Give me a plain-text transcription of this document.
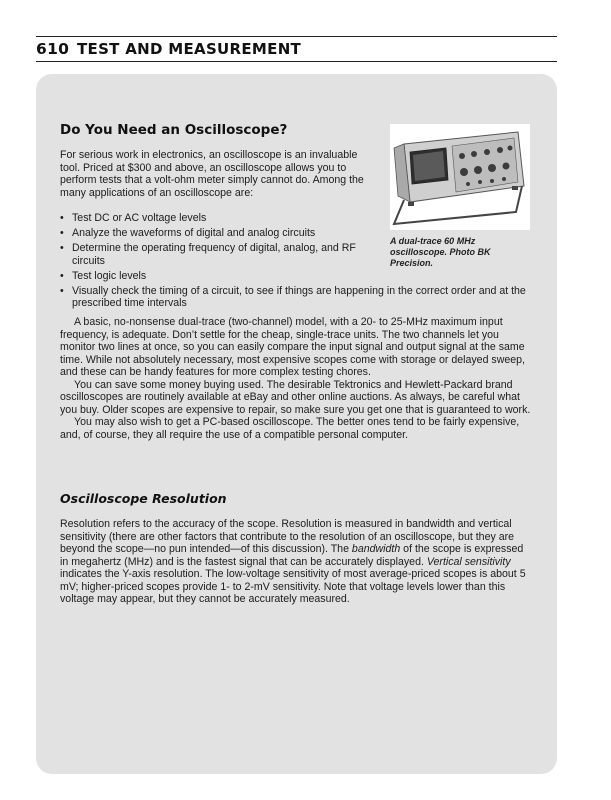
610 TEST AND MEASUREMENT
Do You Need an Oscilloscope?

For serious work in electronics, an oscilloscope is an invaluable tool. Priced at $300 and above, an oscilloscope allows you to perform tests that a volt-ohm meter simply cannot do. Among the many applications of an oscilloscope are:

• Test DC or AC voltage levels
• Analyze the waveforms of digital and analog circuits
• Determine the operating frequency of digital, analog, and RF circuits
• Test logic levels
• Visually check the timing of a circuit, to see if things are happening in the correct order and at the prescribed time intervals
A dual-trace 60 MHz oscilloscope. Photo BK Precision.

A basic, no-nonsense dual-trace (two-channel) model, with a 20- to 25-MHz maximum input frequency, is adequate. Don’t settle for the cheap, single-trace units. The two channels let you monitor two lines at once, so you can easily compare the input signal and output signal at the same time. While not absolutely necessary, most expensive scopes come with storage or delayed sweep, and these can be handy features for more complex testing chores.

You can save some money buying used. The desirable Tektronics and Hewlett-Packard brand oscilloscopes are routinely available at eBay and other online auctions. As always, be careful what you buy. Older scopes are expensive to repair, so make sure you get one that is guaranteed to work.

You may also wish to get a PC-based oscilloscope. The better ones tend to be fairly expensive, and, of course, they all require the use of a compatible personal computer.

Oscilloscope Resolution

Resolution refers to the accuracy of the scope. Resolution is measured in bandwidth and vertical sensitivity (there are other factors that contribute to the resolution of an oscilloscope, but they are beyond the scope—no pun intended—of this discussion). The bandwidth of the scope is expressed in megahertz (MHz) and is the fastest signal that can be accurately displayed. Vertical sensitivity indicates the Y-axis resolution. The low-voltage sensitivity of most average-priced scopes is about 5 mV; higher-priced scopes provide 1- to 2-mV sensitivity. Note that voltage levels lower than this voltage may appear, but they cannot be accurately measured.
